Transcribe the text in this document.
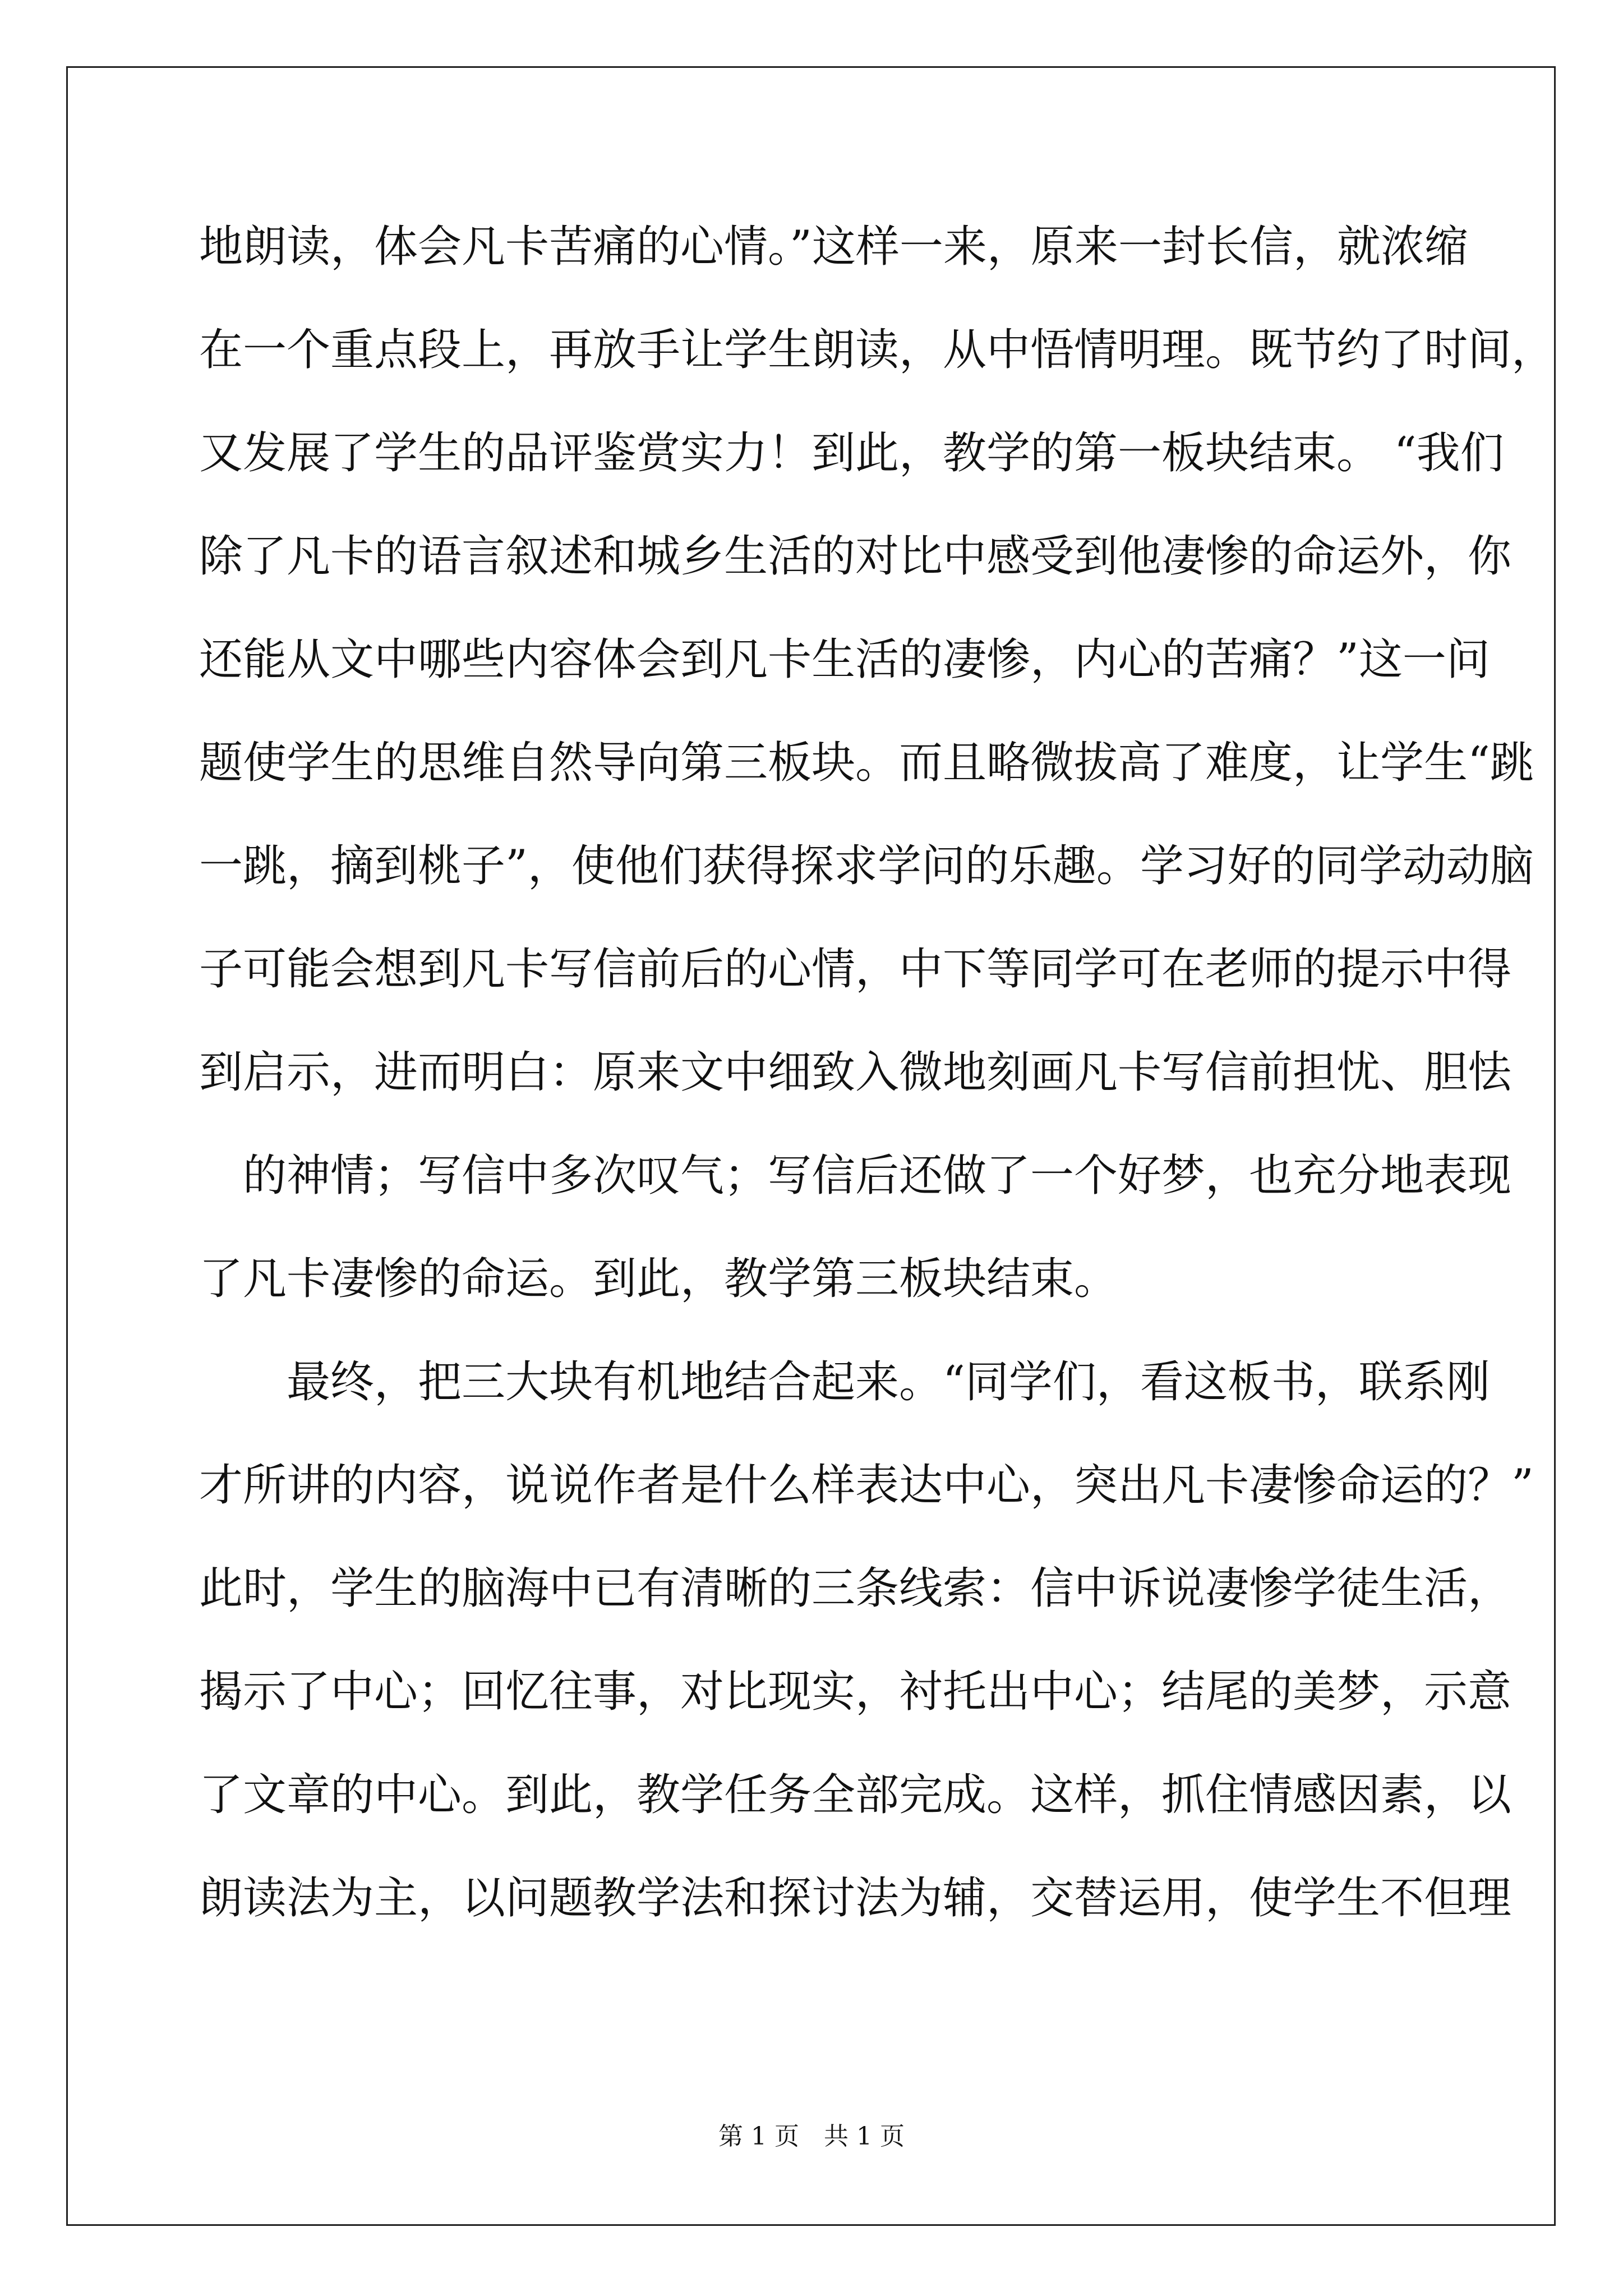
地朗读，体会凡卡苦痛的心情。”这样一来，原来一封长信，就浓缩
在一个重点段上，再放手让学生朗读，从中悟情明理。既节约了时间，
又发展了学生的品评鉴赏实力！到此，教学的第一板块结束。 “我们
除了凡卡的语言叙述和城乡生活的对比中感受到他凄惨的命运外，你
还能从文中哪些内容体会到凡卡生活的凄惨，内心的苦痛？”这一问
题使学生的思维自然导向第三板块。而且略微拔高了难度，让学生“跳
一跳，摘到桃子”，使他们获得探求学问的乐趣。学习好的同学动动脑
子可能会想到凡卡写信前后的心情，中下等同学可在老师的提示中得
到启示，进而明白：原来文中细致入微地刻画凡卡写信前担忧、胆怯
　的神情；写信中多次叹气；写信后还做了一个好梦，也充分地表现
了凡卡凄惨的命运。到此，教学第三板块结束。
　　最终，把三大块有机地结合起来。“同学们，看这板书，联系刚
才所讲的内容，说说作者是什么样表达中心，突出凡卡凄惨命运的？”
此时，学生的脑海中已有清晰的三条线索：信中诉说凄惨学徒生活，
揭示了中心；回忆往事，对比现实，衬托出中心；结尾的美梦，示意
了文章的中心。到此，教学任务全部完成。这样，抓住情感因素，以
朗读法为主，以问题教学法和探讨法为辅，交替运用，使学生不但理
第 1 页　共 1 页
